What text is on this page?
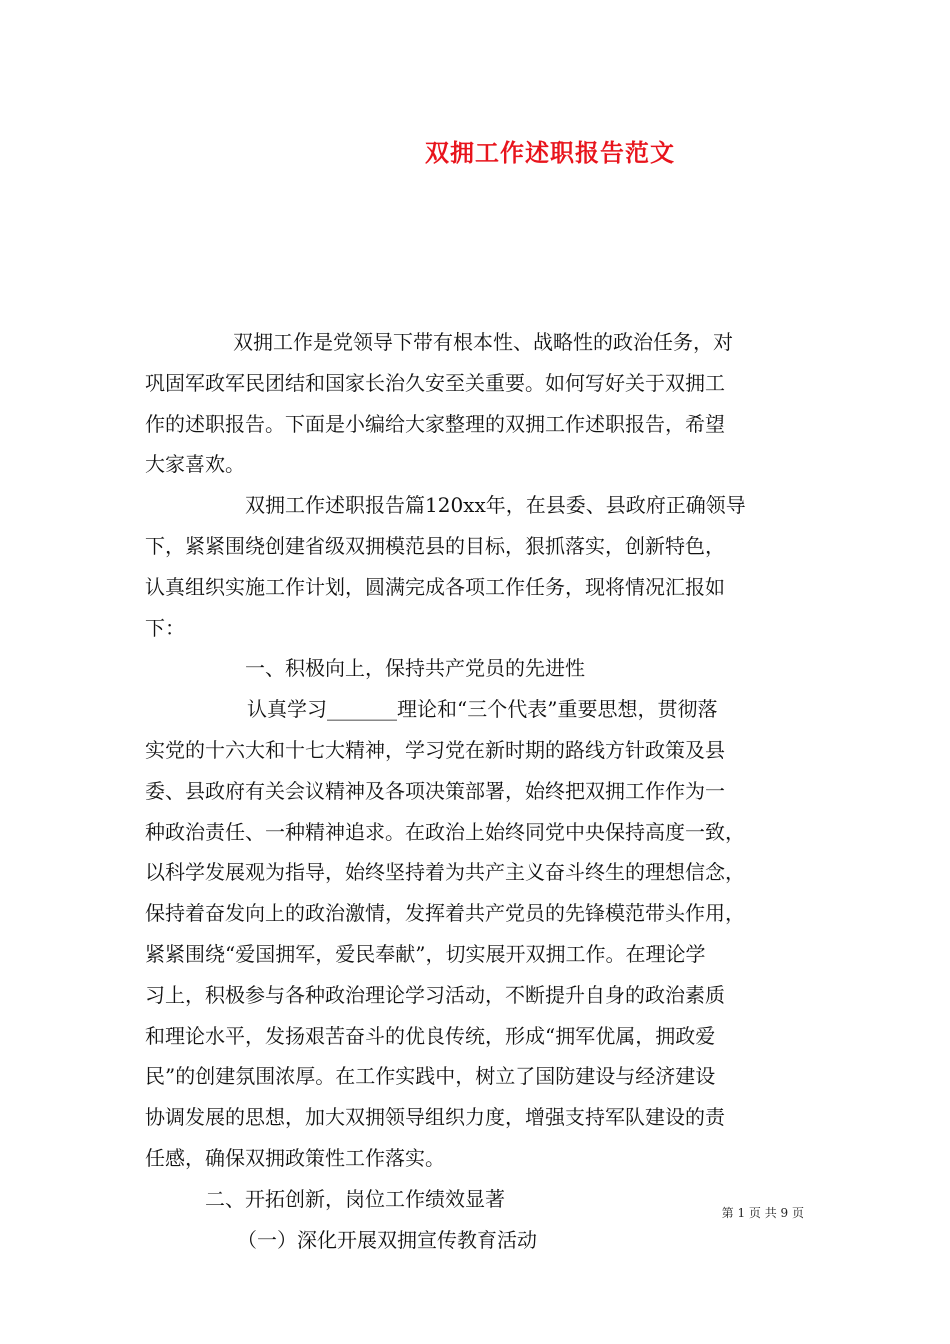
双拥工作述职报告范文
双拥工作是党领导下带有根本性、战略性的政治任务，对
巩固军政军民团结和国家长治久安至关重要。如何写好关于双拥工
作的述职报告。下面是小编给大家整理的双拥工作述职报告，希望
大家喜欢。
双拥工作述职报告篇120xx年，在县委、县政府正确领导
下，紧紧围绕创建省级双拥模范县的目标，狠抓落实，创新特色，
认真组织实施工作计划，圆满完成各项工作任务，现将情况汇报如
下：
一、积极向上，保持共产党员的先进性
认真学习_______理论和“三个代表”重要思想，贯彻落
实党的十六大和十七大精神，学习党在新时期的路线方针政策及县
委、县政府有关会议精神及各项决策部署，始终把双拥工作作为一
种政治责任、一种精神追求。在政治上始终同党中央保持高度一致，
以科学发展观为指导，始终坚持着为共产主义奋斗终生的理想信念，
保持着奋发向上的政治激情，发挥着共产党员的先锋模范带头作用，
紧紧围绕“爱国拥军，爱民奉献”，切实展开双拥工作。在理论学
习上，积极参与各种政治理论学习活动，不断提升自身的政治素质
和理论水平，发扬艰苦奋斗的优良传统，形成“拥军优属，拥政爱
民”的创建氛围浓厚。在工作实践中，树立了国防建设与经济建设
协调发展的思想，加大双拥领导组织力度，增强支持军队建设的责
任感，确保双拥政策性工作落实。
二、开拓创新，岗位工作绩效显著
（一）深化开展双拥宣传教育活动
第 1 页 共 9 页
